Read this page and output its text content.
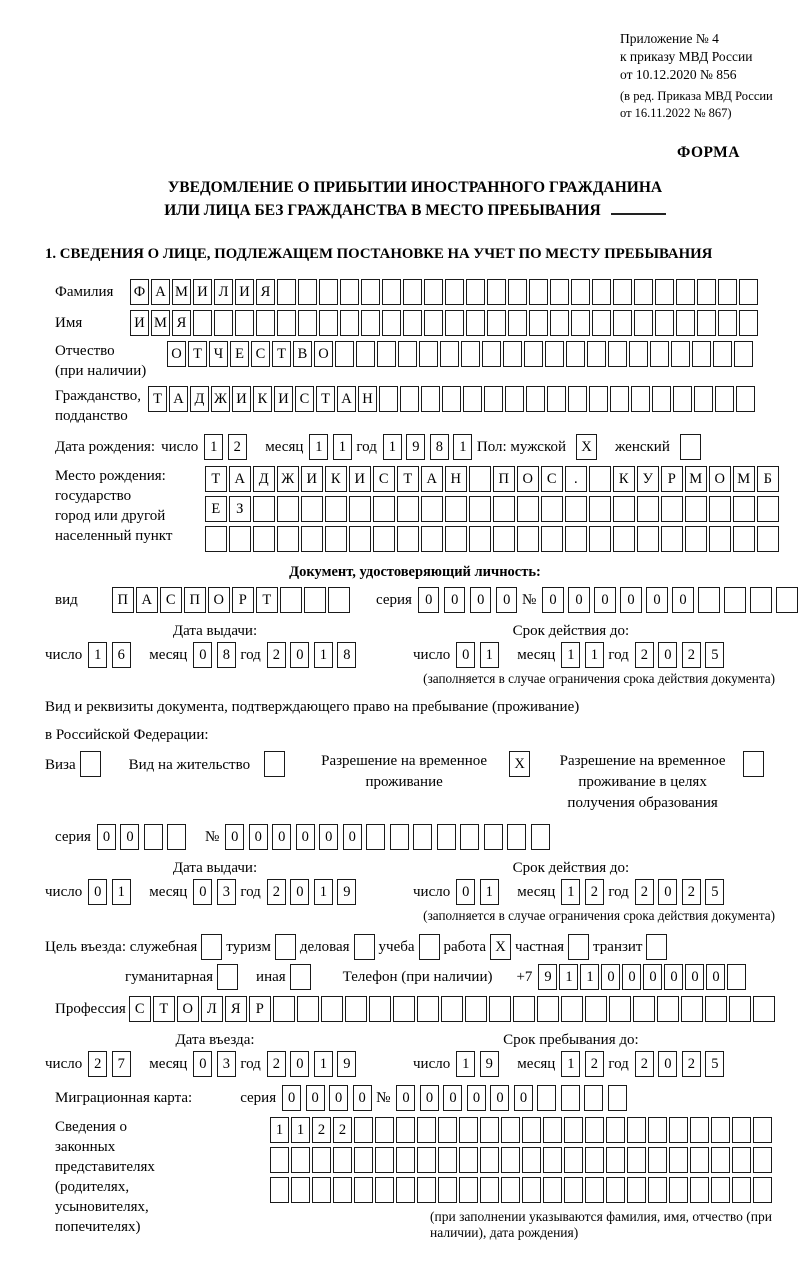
Приложение № 4
к приказу МВД России
от 10.12.2020 № 856
(в ред. Приказа МВД России
от 16.11.2022 № 867)
ФОРМА
УВЕДОМЛЕНИЕ О ПРИБЫТИИ ИНОСТРАННОГО ГРАЖДАНИНА
ИЛИ ЛИЦА БЕЗ ГРАЖДАНСТВА В МЕСТО ПРЕБЫВАНИЯ
1. СВЕДЕНИЯ О ЛИЦЕ, ПОДЛЕЖАЩЕМ ПОСТАНОВКЕ НА УЧЕТ ПО МЕСТУ ПРЕБЫВАНИЯ
Фамилия	Ф А М И Л И Я
Имя	И М Я
Отчество
(при наличии)
О Т Ч Е С Т В О
Гражданство,
подданство
Т А Д Ж И К И С Т А Н
Дата рождения: число 1	2	месяц 1	1 год 1	9	8	1 Пол: мужской	X	женский
Место рождения:
государство
город или другой
населенный пункт
Т А Д Ж И К И С	Т А Н	П О С	.	К У	Р М О М Б
Е	З
Документ, удостоверяющий личность:
вид	П А С П О	Р	Т	серия 0	0	0	0 № 0	0	0	0	0	0
Дата выдачи:
число 1	6	месяц 0	8 год 2	0	1	8
Срок действия до:
число 0	1	месяц 1	1 год 2	0	2	5
(заполняется в случае ограничения срока действия документа)
Вид и реквизиты документа, подтверждающего право на пребывание (проживание)
в Российской Федерации:
Виза	Вид на жительство	Разрешение на временное
проживание
X	Разрешение на временное
проживание в целях
получения образования
серия 0	0	№ 0	0	0	0	0	0
Дата выдачи:
число 0	1	месяц 0	3 год 2	0	1	9
Срок действия до:
число 0	1	месяц 1	2 год 2	0	2	5
(заполняется в случае ограничения срока действия документа)
Цель въезда: служебная туризм деловая учеба работа X частная транзит
гуманитарная	иная	Телефон (при наличии) +7 9 1 1 0 0 0 0 0 0
Профессия С	Т О Л Я	Р
Дата въезда:
число 2	7	месяц 0	3 год 2	0	1	9
Срок пребывания до:
число 1	9	месяц 1	2 год 2	0	2	5
Миграционная карта:	серия 0	0	0	0 № 0	0	0	0	0	0
Сведения о
законных
представителях
(родителях,
усыновителях,
попечителях)
1 1 2 2
(при заполнении указываются фамилия, имя, отчество (при наличии), дата рождения)
